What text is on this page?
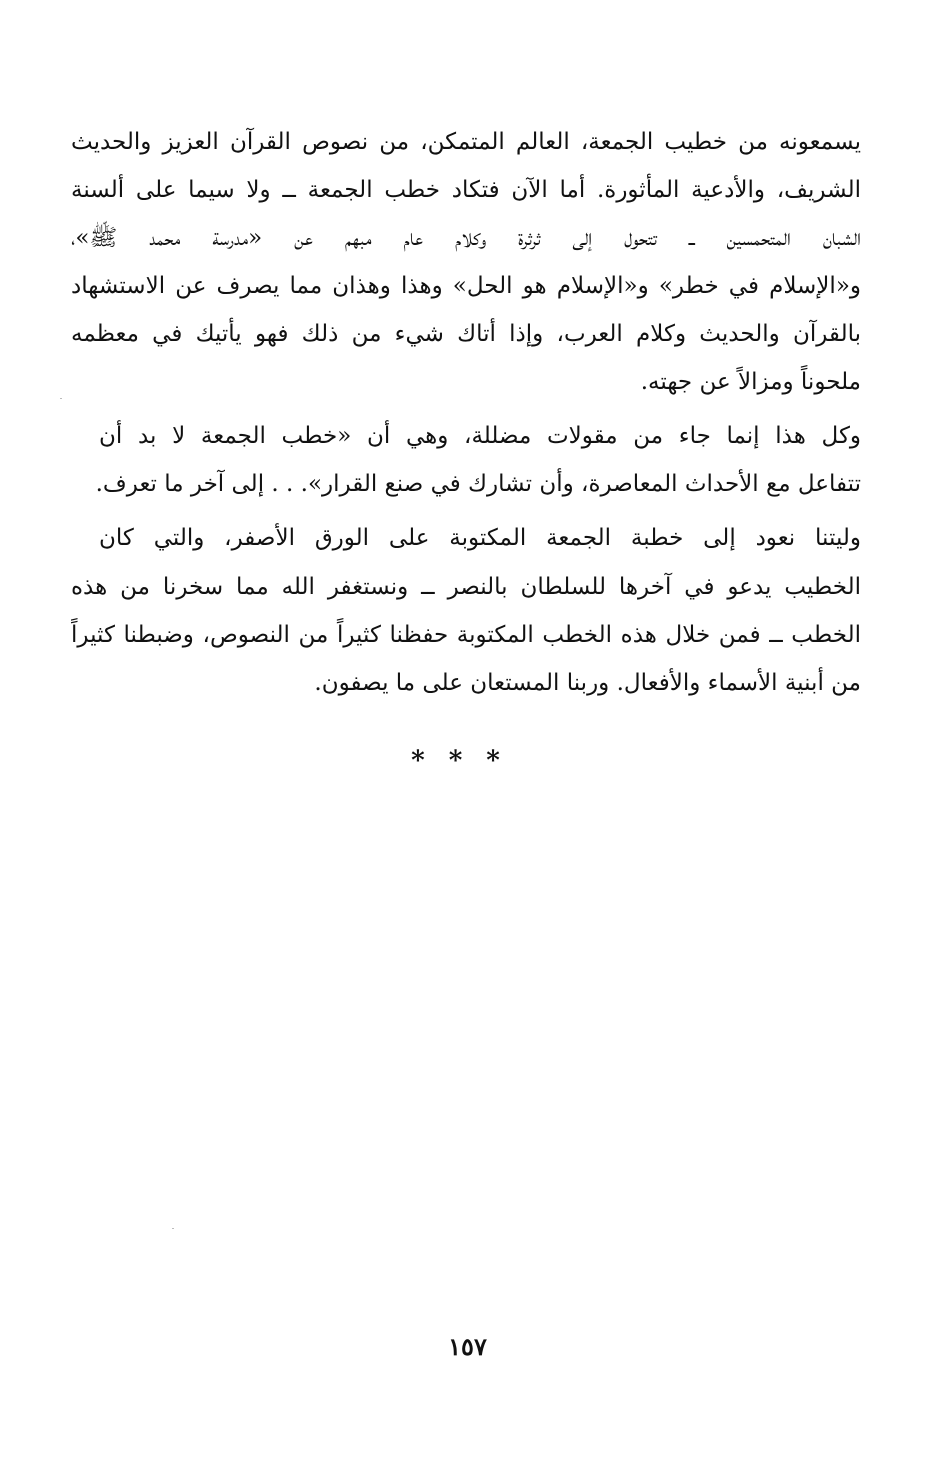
يسمعونه من خطيب الجمعة، العالم المتمكن، من نصوص القرآن العزيز والحديث
الشريف، والأدعية المأثورة. أما الآن فتكاد خطب الجمعة ــ ولا سيما على ألسنة
الشبان المتحمسين ــ تتحول إلى ثرثرة وكلام عام مبهم عن «مدرسة محمد ﷺ»،
و«الإسلام في خطر» و«الإسلام هو الحل» وهذا وهذان مما يصرف عن الاستشهاد
بالقرآن والحديث وكلام العرب، وإذا أتاك شيء من ذلك فهو يأتيك في معظمه
ملحوناً ومزالاً عن جهته.
وكل هذا إنما جاء من مقولات مضللة، وهي أن «خطب الجمعة لا بد أن
تتفاعل مع الأحداث المعاصرة، وأن تشارك في صنع القرار». . . إلى آخر ما تعرف.
وليتنا نعود إلى خطبة الجمعة المكتوبة على الورق الأصفر، والتي كان
الخطيب يدعو في آخرها للسلطان بالنصر ــ ونستغفر الله مما سخرنا من هذه
الخطب ــ فمن خلال هذه الخطب المكتوبة حفظنا كثيراً من النصوص، وضبطنا كثيراً
من أبنية الأسماء والأفعال. وربنا المستعان على ما يصفون.
***
١٥٧
